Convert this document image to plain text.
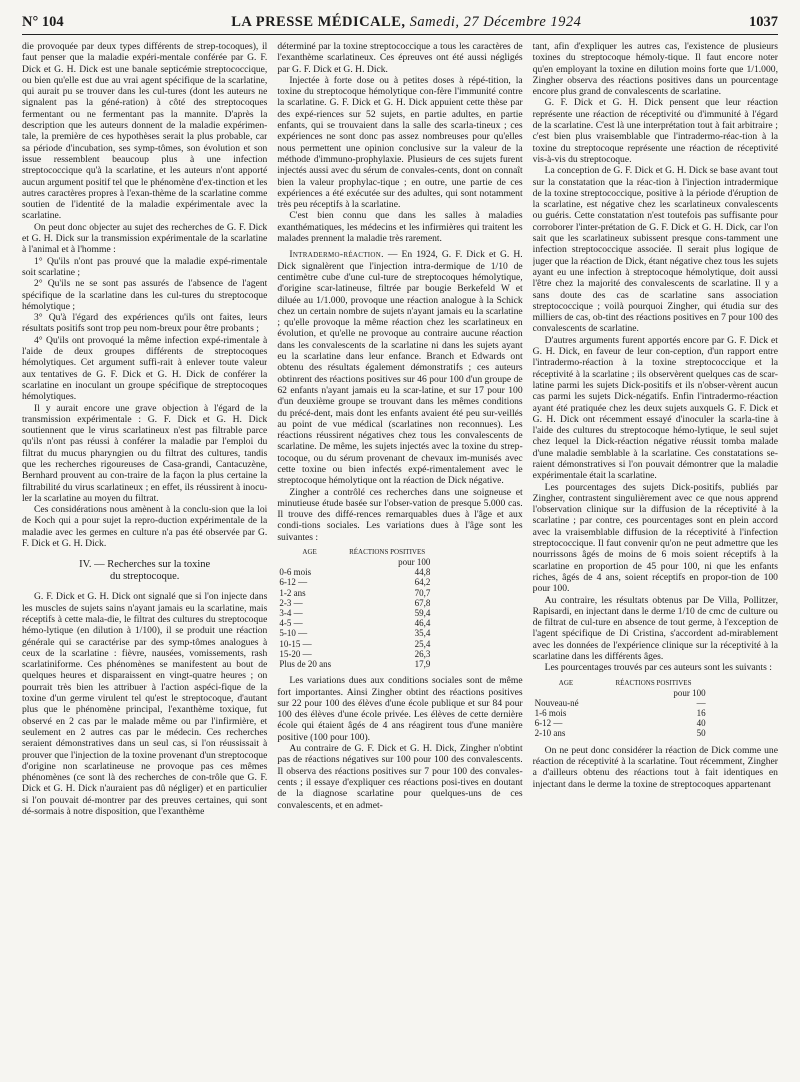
N° 104	LA PRESSE MÉDICALE, Samedi, 27 Décembre 1924	1037

die provoquée par deux types différents de strep-tocoques), il faut penser que la maladie expéri-mentale conférée par G. F. Dick et G. H. Dick est une banale septicémie streptococcique, ou bien qu'elle est due au vrai agent spécifique de la scarlatine, qui aurait pu se trouver dans les cul-tures (dont les auteurs ne signalent pas la géné-ration) à côté des streptocoques fermentant ou ne fermentant pas la mannite. D'après la description que les auteurs donnent de la maladie expérimen-tale, la première de ces hypothèses serait la plus probable, car sa période d'incubation, ses symp-tômes, son évolution et son issue ressemblent beaucoup plus à une infection streptococcique qu'à la scarlatine, et les auteurs n'ont apporté aucun argument positif tel que le phénomène d'ex-tinction et les autres caractères propres à l'exan-thème de la scarlatine comme soutien de l'identité de la maladie expérimentale avec la scarlatine.

On peut donc objecter au sujet des recherches de G. F. Dick et G. H. Dick sur la transmission expérimentale de la scarlatine à l'animal et à l'homme :

1° Qu'ils n'ont pas prouvé que la maladie expé-rimentale soit scarlatine ;

2° Qu'ils ne se sont pas assurés de l'absence de l'agent spécifique de la scarlatine dans les cul-tures du streptocoque hémolytique ;

3° Qu'à l'égard des expériences qu'ils ont faites, leurs résultats positifs sont trop peu nom-breux pour être probants ;

4° Qu'ils ont provoqué la même infection expé-rimentale à l'aide de deux groupes différents de streptocoques hémolytiques. Cet argument suffi-rait à enlever toute valeur aux tentatives de G. F. Dick et G. H. Dick de conférer la scarlatine en inoculant un groupe spécifique de streptocoques hémolytiques.

Il y aurait encore une grave objection à l'égard de la transmission expérimentale : G. F. Dick et G. H. Dick soutiennent que le virus scarlatineux n'est pas filtrable parce qu'ils n'ont pas réussi à conférer la maladie par l'emploi du filtrat du mucus pharyngien ou du filtrat des cultures, tandis que les recherches rigoureuses de Casa-grandi, Cantacuzène, Bernhard prouvent au con-traire de la façon la plus certaine la filtrabilité du virus scarlatineux ; en effet, ils réussirent à inocu-ler la scarlatine au moyen du filtrat.

Ces considérations nous amènent à la conclu-sion que la loi de Koch qui a pour sujet la repro-duction expérimentale de la maladie avec les germes en culture n'a pas été observée par G. F. Dick et G. H. Dick.

IV. — Recherches sur la toxine
du streptocoque.

G. F. Dick et G. H. Dick ont signalé que si l'on injecte dans les muscles de sujets sains n'ayant jamais eu la scarlatine, mais réceptifs à cette mala-die, le filtrat des cultures du streptocoque hémo-lytique (en dilution à 1/100), il se produit une réaction générale qui se caractérise par des symp-tômes analogues à ceux de la scarlatine : fièvre, nausées, vomissements, rash scarlatiniforme. Ces phénomènes se manifestent au bout de quelques heures et disparaissent en vingt-quatre heures ; on pourrait très bien les attribuer à l'action aspéci-fique de la toxine d'un germe virulent tel qu'est le streptocoque, d'autant plus que le phénomène principal, l'exanthème toxique, fut observé en 2 cas par le malade même ou par l'infirmière, et seulement en 2 autres cas par le médecin. Ces recherches seraient démonstratives dans un seul cas, si l'on réussissait à prouver que l'injection de la toxine provenant d'un streptocoque d'origine non scarlatineuse ne provoque pas ces mêmes phénomènes (ce sont là des recherches de con-trôle que G. F. Dick et G. H. Dick n'auraient pas dû négliger) et en particulier si l'on pouvait dé-montrer par des preuves certaines, qui sont dé-sormais à notre disposition, que l'exanthème

déterminé par la toxine streptococcique a tous les caractères de l'exanthème scarlatineux. Ces épreuves ont été aussi négligés par G. F. Dick et G. H. Dick.

Injectée à forte dose ou à petites doses à répé-tition, la toxine du streptocoque hémolytique con-fère l'immunité contre la scarlatine. G. F. Dick et G. H. Dick appuient cette thèse par des expé-riences sur 52 sujets, en partie adultes, en partie enfants, qui se trouvaient dans la salle des scarla-tineux ; ces expériences ne sont donc pas assez nombreuses pour qu'elles nous permettent une opinion conclusive sur la valeur de la méthode d'immuno-prophylaxie. Plusieurs de ces sujets furent injectés aussi avec du sérum de convales-cents, dont on connaît bien la valeur prophylac-tique ; en outre, une partie de ces expériences a été exécutée sur des adultes, qui sont notamment très peu réceptifs à la scarlatine.

C'est bien connu que dans les salles à maladies exanthématiques, les médecins et les infirmières qui traitent les malades prennent la maladie très rarement.

Intradermo-réaction. — En 1924, G. F. Dick et G. H. Dick signalèrent que l'injection intra-dermique de 1/10 de centimètre cube d'une cul-ture de streptocoques hémolytique, d'origine scar-latineuse, filtrée par bougie Berkefeld W et diluée au 1/1.000, provoque une réaction analogue à la Schick chez un certain nombre de sujets n'ayant jamais eu la scarlatine ; qu'elle provoque la même réaction chez les scarlatineux en évolution, et qu'elle ne provoque au contraire aucune réaction dans les convalescents de la scarlatine ni dans les sujets ayant eu la scarlatine dans leur enfance. Branch et Edwards ont obtenu des résultats également démonstratifs ; ces auteurs obtinrent des réactions positives sur 46 pour 100 d'un groupe de 62 enfants n'ayant jamais eu la scar-latine, et sur 17 pour 100 d'un deuxième groupe se trouvant dans les mêmes conditions du précé-dent, mais dont les enfants avaient été peu sur-veillés au point de vue médical (scarlatines non reconnues). Les réactions réussirent négatives chez tous les convalescents de scarlatine. De même, les sujets injectés avec la toxine du strep-tocoque, ou du sérum provenant de chevaux im-munisés avec cette toxine ou bien infectés expé-rimentalement avec le streptocoque hémolytique ont la réaction de Dick négative.

Zingher a contrôlé ces recherches dans une soigneuse et minutieuse étude basée sur l'obser-vation de presque 5.000 cas. Il trouve des diffé-rences remarquables dues à l'âge et aux condi-tions sociales. Les variations dues à l'âge sont les suivantes :

AGE	RÉACTIONS POSITIVES
	pour 100
0-6 mois	44,8
6-12 —	64,2
1-2 ans	70,7
2-3 —	67,8
3-4 —	59,4
4-5 —	46,4
5-10 —	35,4
10-15 —	25,4
15-20 —	26,3
Plus de 20 ans	17,9

Les variations dues aux conditions sociales sont de même fort importantes. Ainsi Zingher obtint des réactions positives sur 22 pour 100 des élèves d'une école publique et sur 84 pour 100 des élèves d'une école privée. Les élèves de cette dernière école qui étaient âgés de 4 ans réagirent tous d'une manière positive (100 pour 100).

Au contraire de G. F. Dick et G. H. Dick, Zingher n'obtint pas de réactions négatives sur 100 pour 100 des convalescents. Il observa des réactions positives sur 7 pour 100 des convales-cents ; il essaye d'expliquer ces réactions posi-tives en doutant de la diagnose scarlatine pour quelques-uns de ces convalescents, et en admet-

tant, afin d'expliquer les autres cas, l'existence de plusieurs toxines du streptocoque hémoly-tique. Il faut encore noter qu'en employant la toxine en dilution moins forte que 1/1.000, Zingher observa des réactions positives dans un pourcentage encore plus grand de convalescents de scarlatine.

G. F. Dick et G. H. Dick pensent que leur réaction représente une réaction de réceptivité ou d'immunité à l'égard de la scarlatine. C'est là une interprétation tout à fait arbitraire ; c'est bien plus vraisemblable que l'intradermo-réac-tion à la toxine du streptocoque représente une réaction de réceptivité vis-à-vis du streptocoque.

La conception de G. F. Dick et G. H. Dick se base avant tout sur la constatation que la réac-tion à l'injection intradermique de la toxine streptococcique, positive à la période d'éruption de la scarlatine, est négative chez les scarlatineux convalescents ou guéris. Cette constatation n'est toutefois pas suffisante pour corroborer l'inter-prétation de G. F. Dick et G. H. Dick, car l'on sait que les scarlatineux subissent presque cons-tamment une infection streptococcique associée. Il serait plus logique de juger que la réaction de Dick, étant négative chez tous les sujets ayant eu une infection à streptocoque hémolytique, doit aussi l'être chez la majorité des convalescents de scarlatine. Il y a sans doute des cas de scarlatine sans association streptococcique ; voilà pourquoi Zingher, qui étudia sur des milliers de cas, ob-tint des réactions positives en 7 pour 100 des convalescents de scarlatine.

D'autres arguments furent apportés encore par G. F. Dick et G. H. Dick, en faveur de leur con-ception, d'un rapport entre l'intradermo-réaction à la toxine streptococcique et la réceptivité à la scarlatine ; ils observèrent quelques cas de scar-latine parmi les sujets Dick-positifs et ils n'obser-vèrent aucun cas parmi les sujets Dick-négatifs. Enfin l'intradermo-réaction ayant été pratiquée chez les deux sujets auxquels G. F. Dick et G. H. Dick ont récemment essayé d'inoculer la scarla-tine à l'aide des cultures du streptocoque hémo-lytique, le seul sujet chez lequel la Dick-réaction négative réussit tomba malade d'une maladie semblable à la scarlatine. Ces constatations se-raient démonstratives si l'on pouvait démontrer que la maladie expérimentale était la scarlatine.

Les pourcentages des sujets Dick-positifs, publiés par Zingher, contrastent singulièrement avec ce que nous apprend l'observation clinique sur la diffusion de la réceptivité à la scarlatine ; par contre, ces pourcentages sont en plein accord avec la vraisemblable diffusion de la réceptivité à l'infection streptococcique. Il faut convenir qu'on ne peut admettre que les nourrissons âgés de moins de 6 mois soient réceptifs à la scarlatine en proportion de 45 pour 100, ni que les enfants riches, âgés de 4 ans, soient réceptifs en propor-tion de 100 pour 100.

Au contraire, les résultats obtenus par De Villa, Pollitzer, Rapisardi, en injectant dans le derme 1/10 de cmc de culture ou de filtrat de cul-ture en absence de tout germe, à l'exception de l'agent spécifique de Di Cristina, s'accordent ad-mirablement avec les données de l'expérience clinique sur la réceptivité à la scarlatine dans les différents âges.

Les pourcentages trouvés par ces auteurs sont les suivants :

AGE	RÉACTIONS POSITIVES
	pour 100
Nouveau-né	—
1-6 mois	16
6-12 —	40
2-10 ans	50

On ne peut donc considérer la réaction de Dick comme une réaction de réceptivité à la scarlatine. Tout récemment, Zingher a d'ailleurs obtenu des réactions tout à fait identiques en injectant dans le derme la toxine de streptocoques appartenant
